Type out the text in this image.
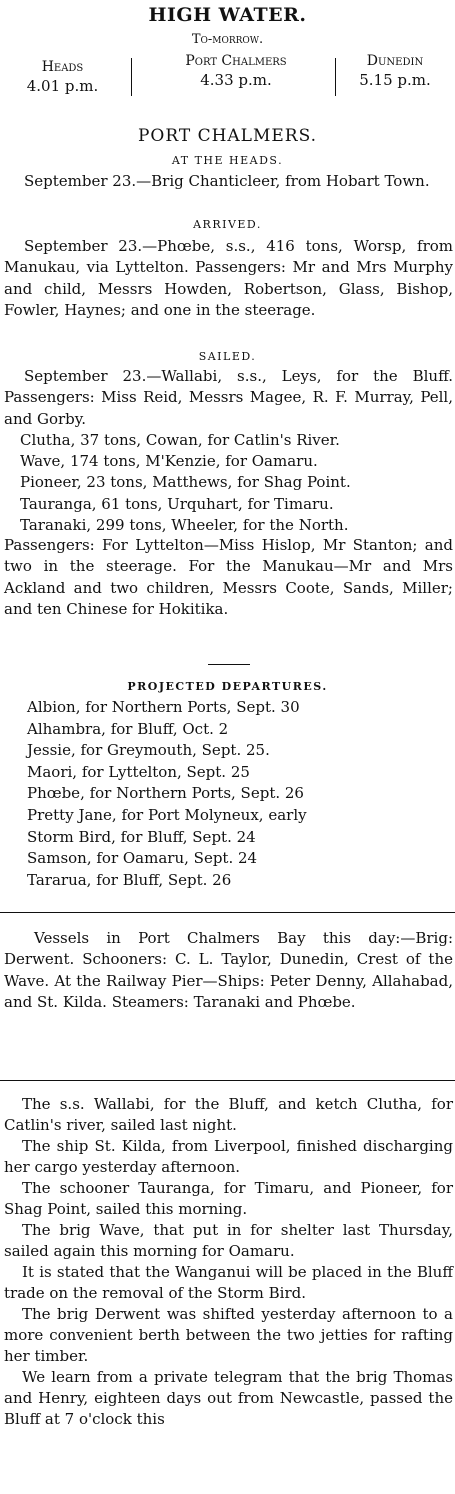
HIGH WATER.
To-morrow.
Heads
4.01 p.m.
Port Chalmers
4.33 p.m.
Dunedin
5.15 p.m.
PORT CHALMERS.
AT THE HEADS.
September 23.—Brig Chanticleer, from Hobart Town.
ARRIVED.
September 23.—Phœbe, s.s., 416 tons, Worsp, from Manukau, via Lyttelton. Passengers: Mr and Mrs Murphy and child, Messrs Howden, Robertson, Glass, Bishop, Fowler, Haynes; and one in the steerage.
SAILED.
September 23.—Wallabi, s.s., Leys, for the Bluff. Passengers: Miss Reid, Messrs Magee, R. F. Murray, Pell, and Gorby.
Clutha, 37 tons, Cowan, for Catlin's River.
Wave, 174 tons, M'Kenzie, for Oamaru.
Pioneer, 23 tons, Matthews, for Shag Point.
Tauranga, 61 tons, Urquhart, for Timaru.
Taranaki, 299 tons, Wheeler, for the North.
Passengers: For Lyttelton—Miss Hislop, Mr Stanton; and two in the steerage. For the Manukau—Mr and Mrs Ackland and two children, Messrs Coote, Sands, Miller; and ten Chinese for Hokitika.
PROJECTED DEPARTURES.
Albion, for Northern Ports, Sept. 30
Alhambra, for Bluff, Oct. 2
Jessie, for Greymouth, Sept. 25.
Maori, for Lyttelton, Sept. 25
Phœbe, for Northern Ports, Sept. 26
Pretty Jane, for Port Molyneux, early
Storm Bird, for Bluff, Sept. 24
Samson, for Oamaru, Sept. 24
Tararua, for Bluff, Sept. 26
Vessels in Port Chalmers Bay this day:—Brig: Derwent. Schooners: C. L. Taylor, Dunedin, Crest of the Wave. At the Railway Pier—Ships: Peter Denny, Allahabad, and St. Kilda. Steamers: Taranaki and Phœbe.
The s.s. Wallabi, for the Bluff, and ketch Clutha, for Catlin's river, sailed last night.
The ship St. Kilda, from Liverpool, finished discharging her cargo yesterday afternoon.
The schooner Tauranga, for Timaru, and Pioneer, for Shag Point, sailed this morning.
The brig Wave, that put in for shelter last Thursday, sailed again this morning for Oamaru.
It is stated that the Wanganui will be placed in the Bluff trade on the removal of the Storm Bird.
The brig Derwent was shifted yesterday afternoon to a more convenient berth between the two jetties for rafting her timber.
We learn from a private telegram that the brig Thomas and Henry, eighteen days out from Newcastle, passed the Bluff at 7 o'clock this
